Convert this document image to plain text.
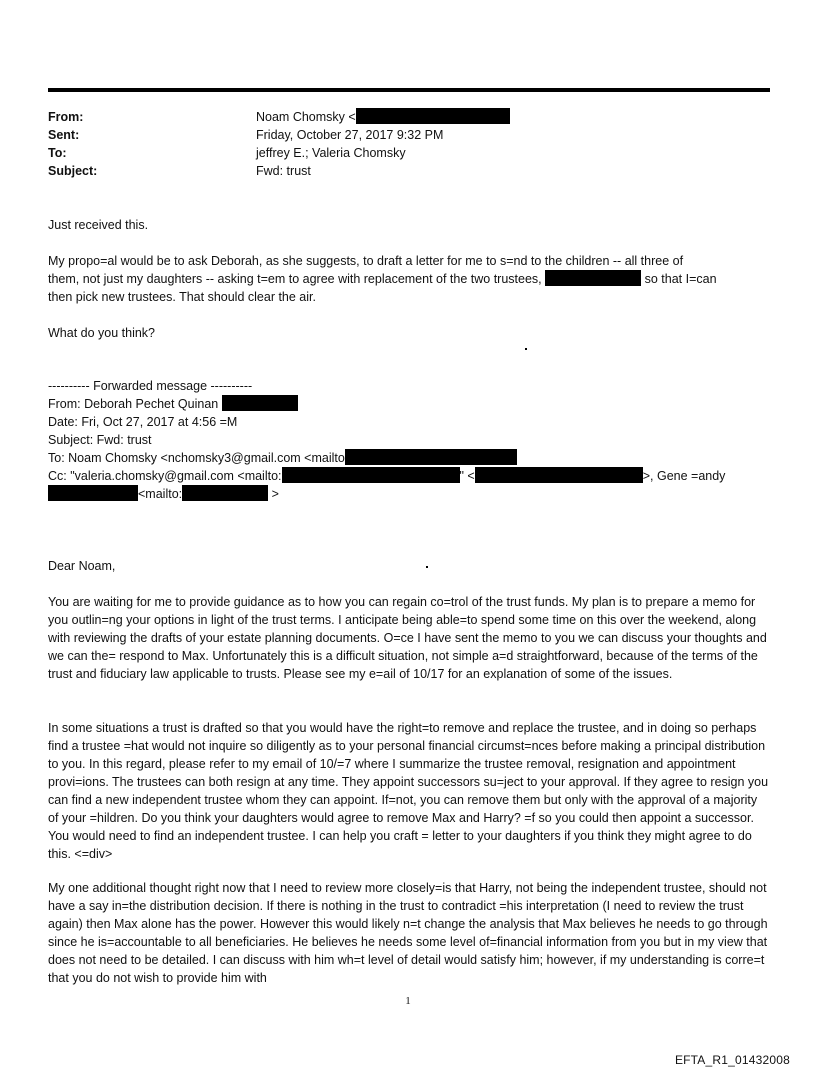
From:	Noam Chomsky <
Sent:	Friday, October 27, 2017 9:32 PM
To:	jeffrey E.; Valeria Chomsky
Subject:	Fwd: trust

Just received this.

My propo=al would be to ask Deborah, as she suggests, to draft a letter for me to s=nd to the children -- all three of

them, not just my daughters -- asking t=em to agree with replacement of the two trustees,	so that I=can

then pick new trustees. That should clear the air.

What do you think?

---------- Forwarded message ----------

From: Deborah Pechet Quinan

Date: Fri, Oct 27, 2017 at 4:56 =M

Subject: Fwd: trust

To: Noam Chomsky <nchomsky3@gmail.com <mailto

Cc: "valeria.chomsky@gmail.com <mailto:	" <	>, Gene =andy

<mailto:	>

Dear Noam,

You are waiting for me to provide guidance as to how you can regain co=trol of the trust funds. My plan is to prepare a memo for you outlin=ng your options in light of the trust terms. I anticipate being able=to spend some time on this over the weekend, along with reviewing the drafts of your estate planning documents. O=ce I have sent the memo to you we can discuss your thoughts and we can the= respond to Max. Unfortunately this is a difficult situation, not simple a=d straightforward, because of the terms of the trust and fiduciary law applicable to trusts. Please see my e=ail of 10/17 for an explanation of some of the issues.

In some situations a trust is drafted so that you would have the right=to remove and replace the trustee, and in doing so perhaps find a trustee =hat would not inquire so diligently as to your personal financial circumst=nces before making a principal distribution to you. In this regard, please refer to my email of 10/=7 where I summarize the trustee removal, resignation and appointment provi=ions. The trustees can both resign at any time. They appoint successors su=ject to your approval. If they agree to resign you can find a new independent trustee whom they can appoint. If=not, you can remove them but only with the approval of a majority of your =hildren. Do you think your daughters would agree to remove Max and Harry? =f so you could then appoint a successor. You would need to find an independent trustee. I can help you craft = letter to your daughters if you think they might agree to do this. <=div>

My one additional thought right now that I need to review more closely=is that Harry, not being the independent trustee, should not have a say in=the distribution decision. If there is nothing in the trust to contradict =his interpretation (I need to review the trust again) then Max alone has the power. However this would likely n=t change the analysis that Max believes he needs to go through since he is=accountable to all beneficiaries. He believes he needs some level of=financial information from you but in my view that does not need to be detailed. I can discuss with him wh=t level of detail would satisfy him; however, if my understanding is corre=t that you do not wish to provide him with

1
EFTA_R1_01432008
